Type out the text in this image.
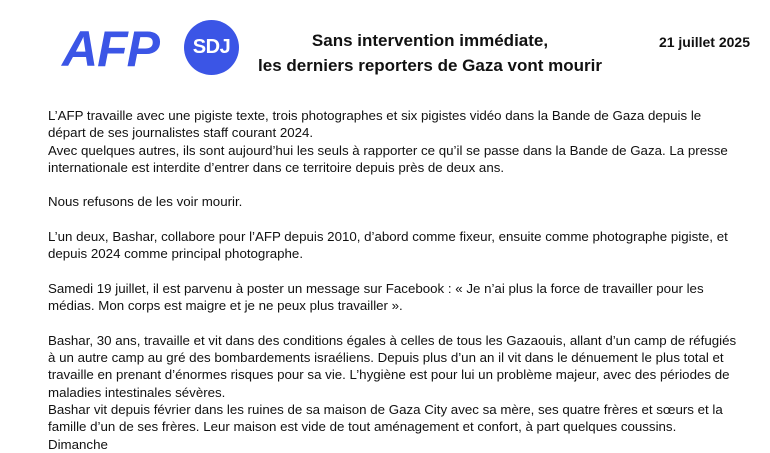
AFP	SDJ	Sans intervention immédiate,
les derniers reporters de Gaza vont mourir
21 juillet 2025

L’AFP travaille avec une pigiste texte, trois photographes et six pigistes vidéo dans la Bande de Gaza depuis le départ de ses journalistes staff courant 2024.

Avec quelques autres, ils sont aujourd’hui les seuls à rapporter ce qu’il se passe dans la Bande de Gaza. La presse internationale est interdite d’entrer dans ce territoire depuis près de deux ans.

Nous refusons de les voir mourir.

L’un deux, Bashar, collabore pour l’AFP depuis 2010, d’abord comme fixeur, ensuite comme photographe pigiste, et depuis 2024 comme principal photographe.

Samedi 19 juillet, il est parvenu à poster un message sur Facebook : « Je n’ai plus la force de travailler pour les médias. Mon corps est maigre et je ne peux plus travailler ».

Bashar, 30 ans, travaille et vit dans des conditions égales à celles de tous les Gazaouis, allant d’un camp de réfugiés à un autre camp au gré des bombardements israéliens. Depuis plus d’un an il vit dans le dénuement le plus total et travaille en prenant d’énormes risques pour sa vie. L’hygiène est pour lui un problème majeur, avec des périodes de maladies intestinales sévères.

Bashar vit depuis février dans les ruines de sa maison de Gaza City avec sa mère, ses quatre frères et sœurs et la famille d’un de ses frères. Leur maison est vide de tout aménagement et confort, à part quelques coussins. Dimanche
